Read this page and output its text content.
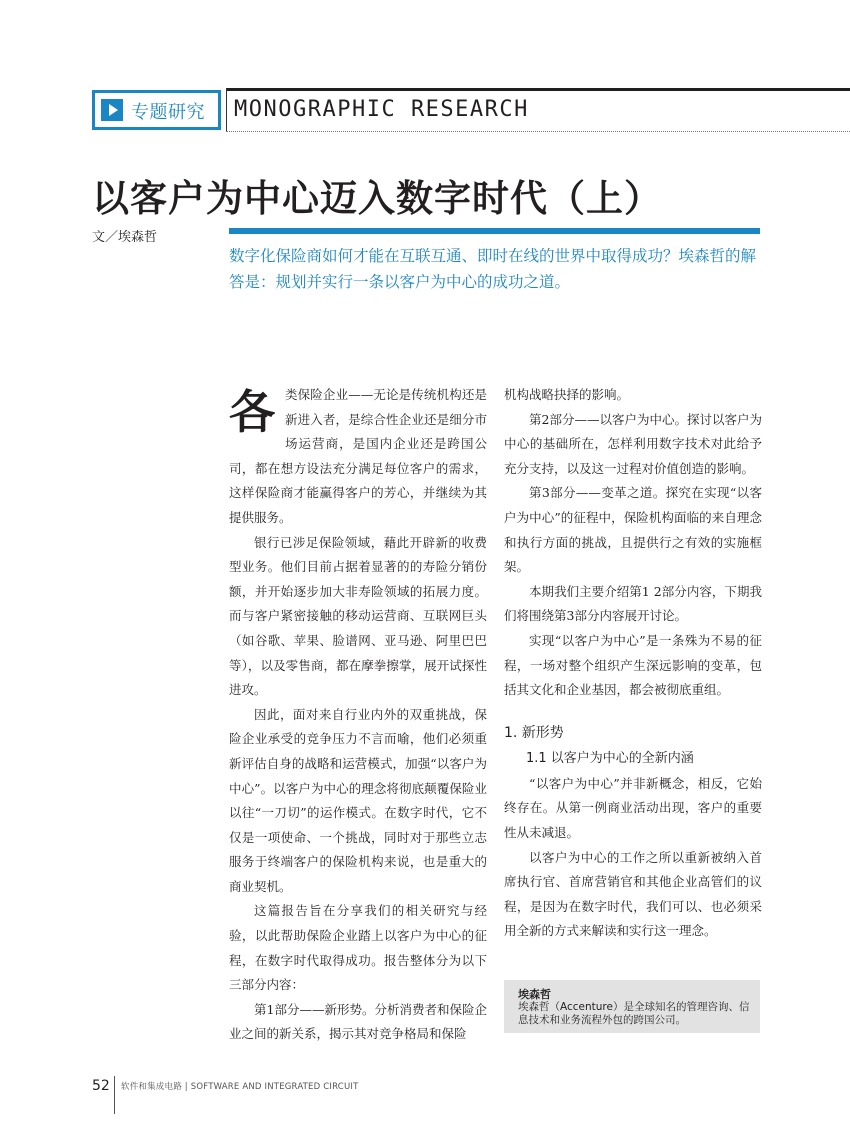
专题研究 MONOGRAPHIC RESEARCH
以客户为中心迈入数字时代（上）
文／埃森哲
数字化保险商如何才能在互联互通、即时在线的世界中取得成功？埃森哲的解答是：规划并实行一条以客户为中心的成功之道。

各类保险企业——无论是传统机构还是新进入者，是综合性企业还是细分市场运营商，是国内企业还是跨国公司，都在想方设法充分满足每位客户的需求，这样保险商才能赢得客户的芳心，并继续为其提供服务。

银行已涉足保险领域，藉此开辟新的收费型业务。他们目前占据着显著的的寿险分销份额，并开始逐步加大非寿险领域的拓展力度。而与客户紧密接触的移动运营商、互联网巨头（如谷歌、苹果、脸谱网、亚马逊、阿里巴巴等），以及零售商，都在摩拳擦掌，展开试探性进攻。

因此，面对来自行业内外的双重挑战，保险企业承受的竞争压力不言而喻，他们必须重新评估自身的战略和运营模式，加强“以客户为中心”。以客户为中心的理念将彻底颠覆保险业以往“一刀切”的运作模式。在数字时代，它不仅是一项使命、一个挑战，同时对于那些立志服务于终端客户的保险机构来说，也是重大的商业契机。

这篇报告旨在分享我们的相关研究与经验，以此帮助保险企业踏上以客户为中心的征程，在数字时代取得成功。报告整体分为以下三部分内容：

第1部分——新形势。分析消费者和保险企业之间的新关系，揭示其对竞争格局和保险

机构战略抉择的影响。

第2部分——以客户为中心。探讨以客户为中心的基础所在，怎样利用数字技术对此给予充分支持，以及这一过程对价值创造的影响。

第3部分——变革之道。探究在实现“以客户为中心”的征程中，保险机构面临的来自理念和执行方面的挑战，且提供行之有效的实施框架。

本期我们主要介绍第1 2部分内容，下期我们将围绕第3部分内容展开讨论。

实现“以客户为中心”是一条殊为不易的征程，一场对整个组织产生深远影响的变革，包括其文化和企业基因，都会被彻底重组。

1. 新形势

1.1 以客户为中心的全新内涵

“以客户为中心”并非新概念，相反，它始终存在。从第一例商业活动出现，客户的重要性从未减退。

以客户为中心的工作之所以重新被纳入首席执行官、首席营销官和其他企业高管们的议程，是因为在数字时代，我们可以、也必须采用全新的方式来解读和实行这一理念。

埃森哲
埃森哲（Accenture）是全球知名的管理咨询、信息技术和业务流程外包的跨国公司。
52 软件和集成电路 | SOFTWARE AND INTEGRATED CIRCUIT
